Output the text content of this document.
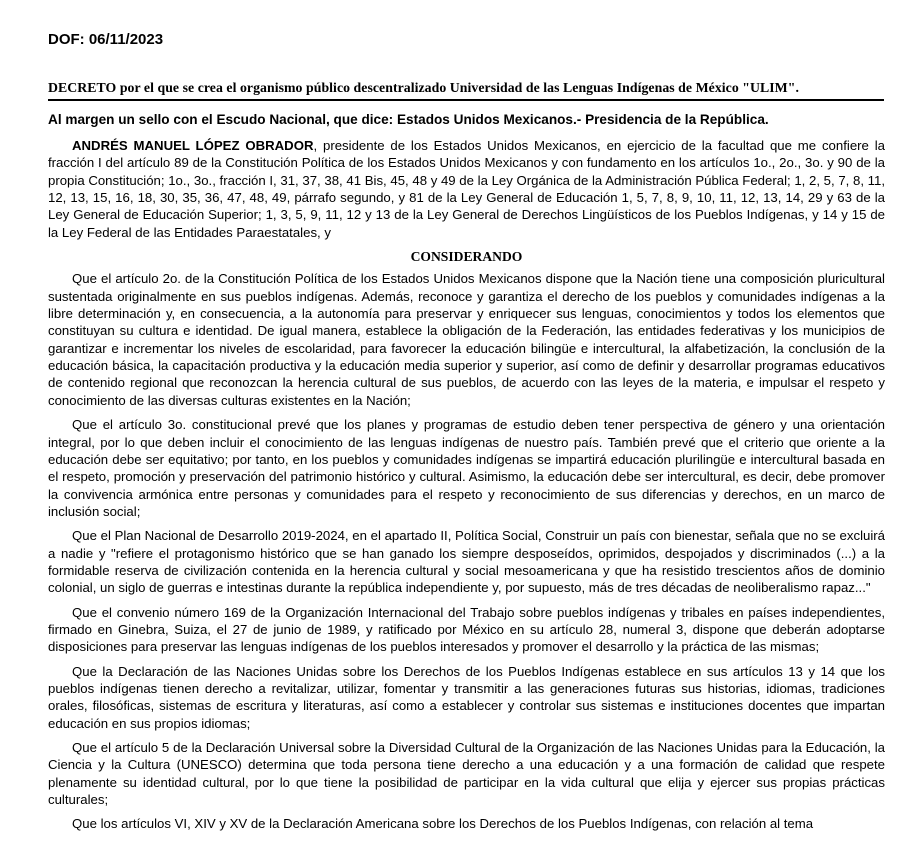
DOF: 06/11/2023
DECRETO por el que se crea el organismo público descentralizado Universidad de las Lenguas Indígenas de México "ULIM".
Al margen un sello con el Escudo Nacional, que dice: Estados Unidos Mexicanos.- Presidencia de la República.

ANDRÉS MANUEL LÓPEZ OBRADOR, presidente de los Estados Unidos Mexicanos, en ejercicio de la facultad que me confiere la fracción I del artículo 89 de la Constitución Política de los Estados Unidos Mexicanos y con fundamento en los artículos 1o., 2o., 3o. y 90 de la propia Constitución; 1o., 3o., fracción I, 31, 37, 38, 41 Bis, 45, 48 y 49 de la Ley Orgánica de la Administración Pública Federal; 1, 2, 5, 7, 8, 11, 12, 13, 15, 16, 18, 30, 35, 36, 47, 48, 49, párrafo segundo, y 81 de la Ley General de Educación 1, 5, 7, 8, 9, 10, 11, 12, 13, 14, 29 y 63 de la Ley General de Educación Superior; 1, 3, 5, 9, 11, 12 y 13 de la Ley General de Derechos Lingüísticos de los Pueblos Indígenas, y 14 y 15 de la Ley Federal de las Entidades Paraestatales, y

CONSIDERANDO

Que el artículo 2o. de la Constitución Política de los Estados Unidos Mexicanos dispone que la Nación tiene una composición pluricultural sustentada originalmente en sus pueblos indígenas. Además, reconoce y garantiza el derecho de los pueblos y comunidades indígenas a la libre determinación y, en consecuencia, a la autonomía para preservar y enriquecer sus lenguas, conocimientos y todos los elementos que constituyan su cultura e identidad. De igual manera, establece la obligación de la Federación, las entidades federativas y los municipios de garantizar e incrementar los niveles de escolaridad, para favorecer la educación bilingüe e intercultural, la alfabetización, la conclusión de la educación básica, la capacitación productiva y la educación media superior y superior, así como de definir y desarrollar programas educativos de contenido regional que reconozcan la herencia cultural de sus pueblos, de acuerdo con las leyes de la materia, e impulsar el respeto y conocimiento de las diversas culturas existentes en la Nación;

Que el artículo 3o. constitucional prevé que los planes y programas de estudio deben tener perspectiva de género y una orientación integral, por lo que deben incluir el conocimiento de las lenguas indígenas de nuestro país. También prevé que el criterio que oriente a la educación debe ser equitativo; por tanto, en los pueblos y comunidades indígenas se impartirá educación plurilingüe e intercultural basada en el respeto, promoción y preservación del patrimonio histórico y cultural. Asimismo, la educación debe ser intercultural, es decir, debe promover la convivencia armónica entre personas y comunidades para el respeto y reconocimiento de sus diferencias y derechos, en un marco de inclusión social;

Que el Plan Nacional de Desarrollo 2019-2024, en el apartado II, Política Social, Construir un país con bienestar, señala que no se excluirá a nadie y "refiere el protagonismo histórico que se han ganado los siempre desposeídos, oprimidos, despojados y discriminados (...) a la formidable reserva de civilización contenida en la herencia cultural y social mesoamericana y que ha resistido trescientos años de dominio colonial, un siglo de guerras e intestinas durante la república independiente y, por supuesto, más de tres décadas de neoliberalismo rapaz..."

Que el convenio número 169 de la Organización Internacional del Trabajo sobre pueblos indígenas y tribales en países independientes, firmado en Ginebra, Suiza, el 27 de junio de 1989, y ratificado por México en su artículo 28, numeral 3, dispone que deberán adoptarse disposiciones para preservar las lenguas indígenas de los pueblos interesados y promover el desarrollo y la práctica de las mismas;

Que la Declaración de las Naciones Unidas sobre los Derechos de los Pueblos Indígenas establece en sus artículos 13 y 14 que los pueblos indígenas tienen derecho a revitalizar, utilizar, fomentar y transmitir a las generaciones futuras sus historias, idiomas, tradiciones orales, filosóficas, sistemas de escritura y literaturas, así como a establecer y controlar sus sistemas e instituciones docentes que impartan educación en sus propios idiomas;

Que el artículo 5 de la Declaración Universal sobre la Diversidad Cultural de la Organización de las Naciones Unidas para la Educación, la Ciencia y la Cultura (UNESCO) determina que toda persona tiene derecho a una educación y a una formación de calidad que respete plenamente su identidad cultural, por lo que tiene la posibilidad de participar en la vida cultural que elija y ejercer sus propias prácticas culturales;

Que los artículos VI, XIV y XV de la Declaración Americana sobre los Derechos de los Pueblos Indígenas, con relación al tema
